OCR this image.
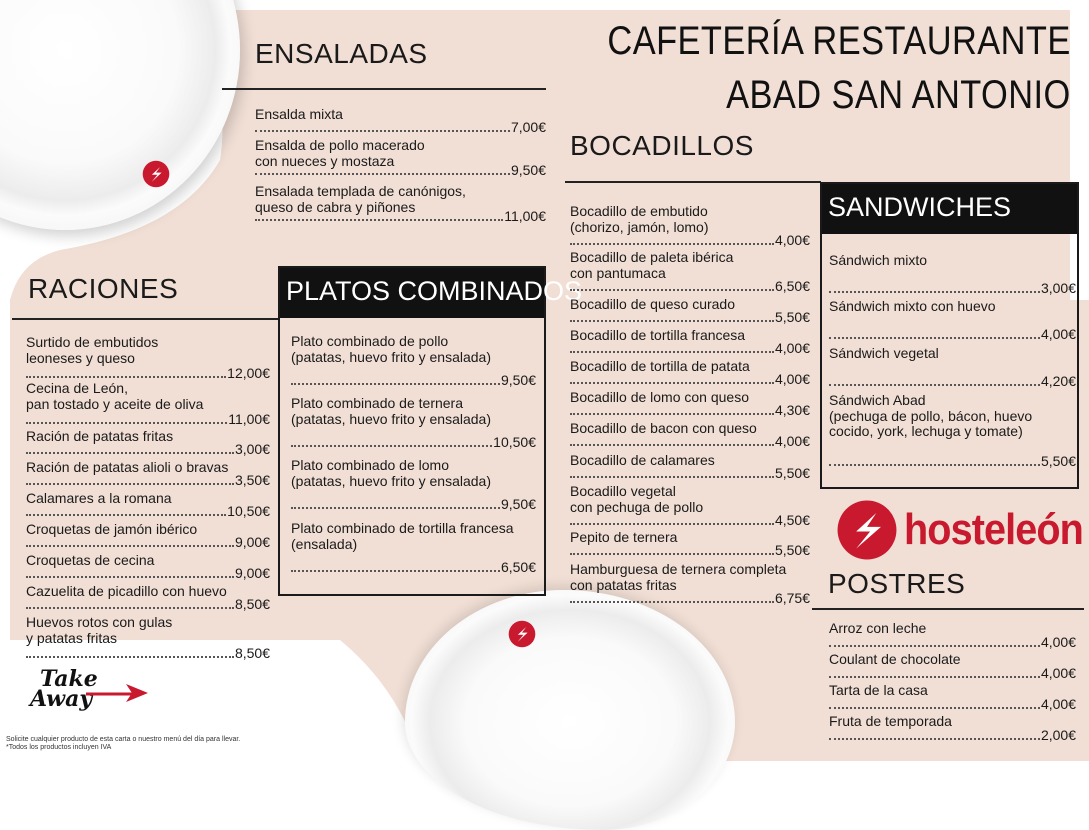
CAFETERÍA RESTAURANTE
ABAD SAN ANTONIO
ENSALADAS
Ensalda mixta
7,00€
Ensalda de pollo macerado
con nueces y mostaza
9,50€
Ensalada templada de canónigos,
queso de cabra y piñones
11,00€
RACIONES
Surtido de embutidos
leoneses y queso
12,00€
Cecina de León,
pan tostado y aceite de oliva
11,00€
Ración de patatas fritas
3,00€
Ración de patatas alioli o bravas
3,50€
Calamares a la romana
10,50€
Croquetas de jamón ibérico
9,00€
Croquetas de cecina
9,00€
Cazuelita de picadillo con huevo
8,50€
Huevos rotos con gulas
y patatas fritas
8,50€
PLATOS COMBINADOS
Plato combinado de pollo
(patatas, huevo frito y ensalada)
9,50€
Plato combinado de ternera
(patatas, huevo frito y ensalada)
10,50€
Plato combinado de lomo
(patatas, huevo frito y ensalada)
9,50€
Plato combinado de tortilla francesa
(ensalada)
6,50€
BOCADILLOS
Bocadillo de embutido
(chorizo, jamón, lomo)
4,00€
Bocadillo de paleta ibérica
con pantumaca
6,50€
Bocadillo de queso curado
5,50€
Bocadillo de tortilla francesa
4,00€
Bocadillo de tortilla de patata
4,00€
Bocadillo de lomo con queso
4,30€
Bocadillo de bacon con queso
4,00€
Bocadillo de calamares
5,50€
Bocadillo vegetal
con pechuga de pollo
4,50€
Pepito de ternera
5,50€
Hamburguesa de ternera completa
con patatas fritas
6,75€
SANDWICHES
Sándwich mixto
3,00€
Sándwich mixto con huevo
4,00€
Sándwich vegetal
4,20€
Sándwich Abad
(pechuga de pollo, bácon, huevo
cocido, york, lechuga y tomate)
5,50€
hosteleón
POSTRES
Arroz con leche
4,00€
Coulant de chocolate
4,00€
Tarta de la casa
4,00€
Fruta de temporada
2,00€
Take
Away
Solicite cualquier producto de esta carta o nuestro menú del día para llevar.
*Todos los productos incluyen IVA
